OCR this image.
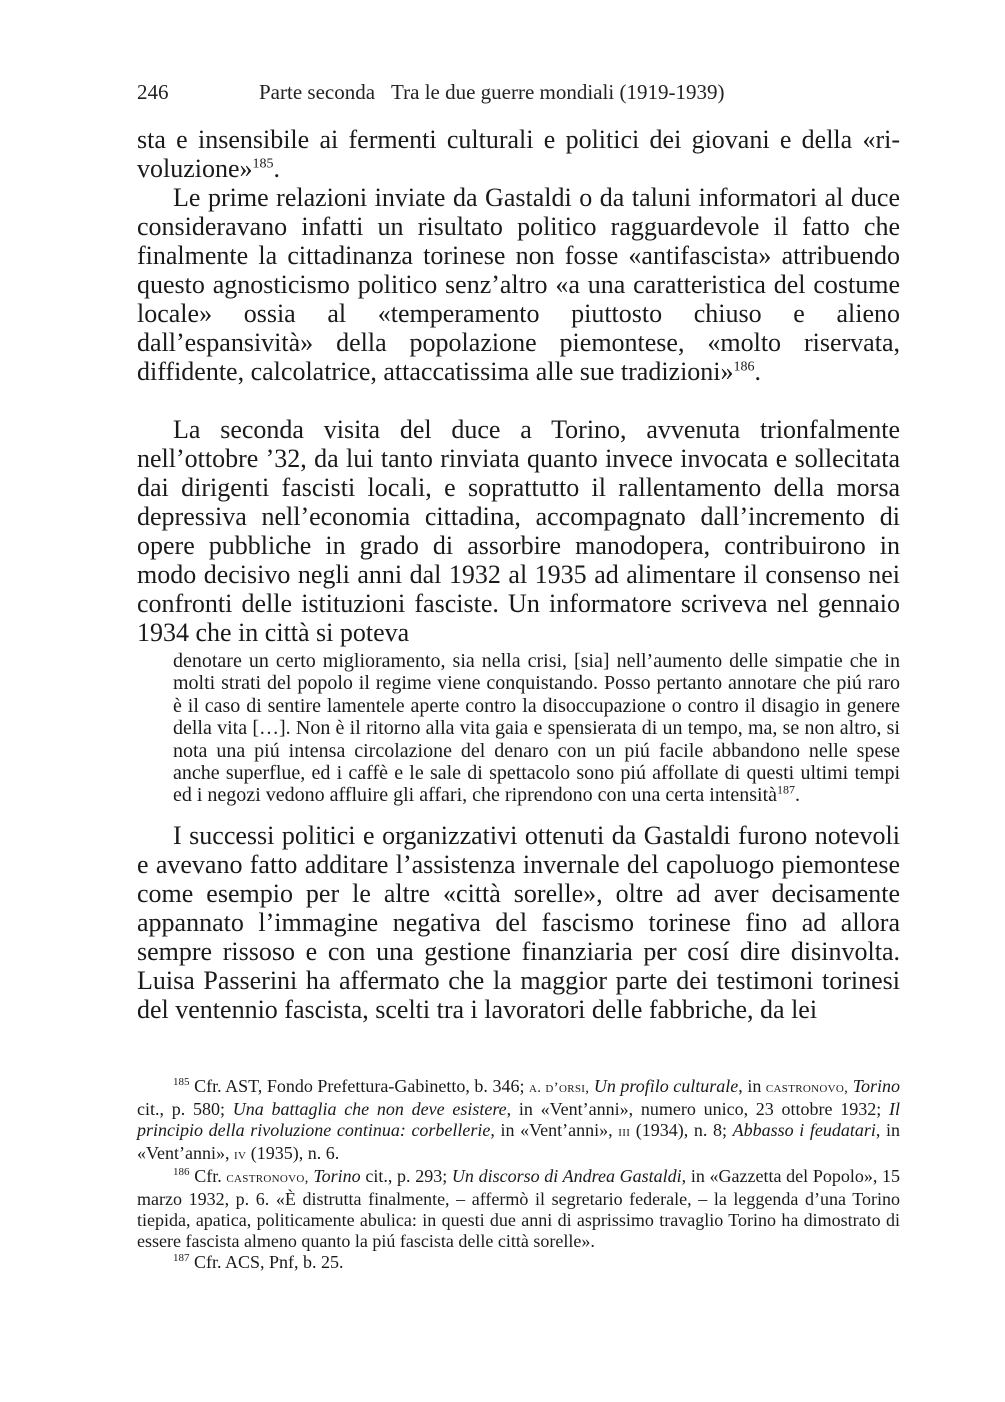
246	Parte seconda Tra le due guerre mondiali (1919-1939)

sta e insensibile ai fermenti culturali e politici dei giovani e della «ri-voluzione»$^{185}$.

Le prime relazioni inviate da Gastaldi o da taluni informatori al duce consideravano infatti un risultato politico ragguardevole il fatto che finalmente la cittadinanza torinese non fosse «antifascista» attribuendo questo agnosticismo politico senz’altro «a una caratteristica del costume locale» ossia al «temperamento piuttosto chiuso e alieno dall’espansività» della popolazione piemontese, «molto riservata, diffidente, calcolatrice, attaccatissima alle sue tradizioni»$^{186}$.

La seconda visita del duce a Torino, avvenuta trionfalmente nell’ottobre ’32, da lui tanto rinviata quanto invece invocata e sollecitata dai dirigenti fascisti locali, e soprattutto il rallentamento della morsa depressiva nell’economia cittadina, accompagnato dall’incremento di opere pubbliche in grado di assorbire manodopera, contribuirono in modo decisivo negli anni dal 1932 al 1935 ad alimentare il consenso nei confronti delle istituzioni fasciste. Un informatore scriveva nel gennaio 1934 che in città si poteva

denotare un certo miglioramento, sia nella crisi, [sia] nell’aumento delle simpatie che in molti strati del popolo il regime viene conquistando. Posso pertanto annotare che piú raro è il caso di sentire lamentele aperte contro la disoccupazione o contro il disagio in genere della vita […]. Non è il ritorno alla vita gaia e spensierata di un tempo, ma, se non altro, si nota una piú intensa circolazione del denaro con un piú facile abbandono nelle spese anche superflue, ed i caffè e le sale di spettacolo sono piú affollate di questi ultimi tempi ed i negozi vedono affluire gli affari, che riprendono con una certa intensità$^{187}$.

I successi politici e organizzativi ottenuti da Gastaldi furono notevoli e avevano fatto additare l’assistenza invernale del capoluogo piemontese come esempio per le altre «città sorelle», oltre ad aver decisamente appannato l’immagine negativa del fascismo torinese fino ad allora sempre rissoso e con una gestione finanziaria per cosí dire disinvolta. Luisa Passerini ha affermato che la maggior parte dei testimoni torinesi del ventennio fascista, scelti tra i lavoratori delle fabbriche, da lei

$^{185}$ Cfr. AST, Fondo Prefettura-Gabinetto, b. 346; a. d’orsi, Un profilo culturale, in castronovo, Torino cit., p. 580; Una battaglia che non deve esistere, in «Vent’anni», numero unico, 23 ottobre 1932; Il principio della rivoluzione continua: corbellerie, in «Vent’anni», iii (1934), n. 8; Abbasso i feudatari, in «Vent’anni», iv (1935), n. 6.

$^{186}$ Cfr. castronovo, Torino cit., p. 293; Un discorso di Andrea Gastaldi, in «Gazzetta del Popolo», 15 marzo 1932, p. 6. «È distrutta finalmente, – affermò il segretario federale, – la leggenda d’una Torino tiepida, apatica, politicamente abulica: in questi due anni di asprissimo travaglio Torino ha dimostrato di essere fascista almeno quanto la piú fascista delle città sorelle».

$^{187}$ Cfr. ACS, Pnf, b. 25.
